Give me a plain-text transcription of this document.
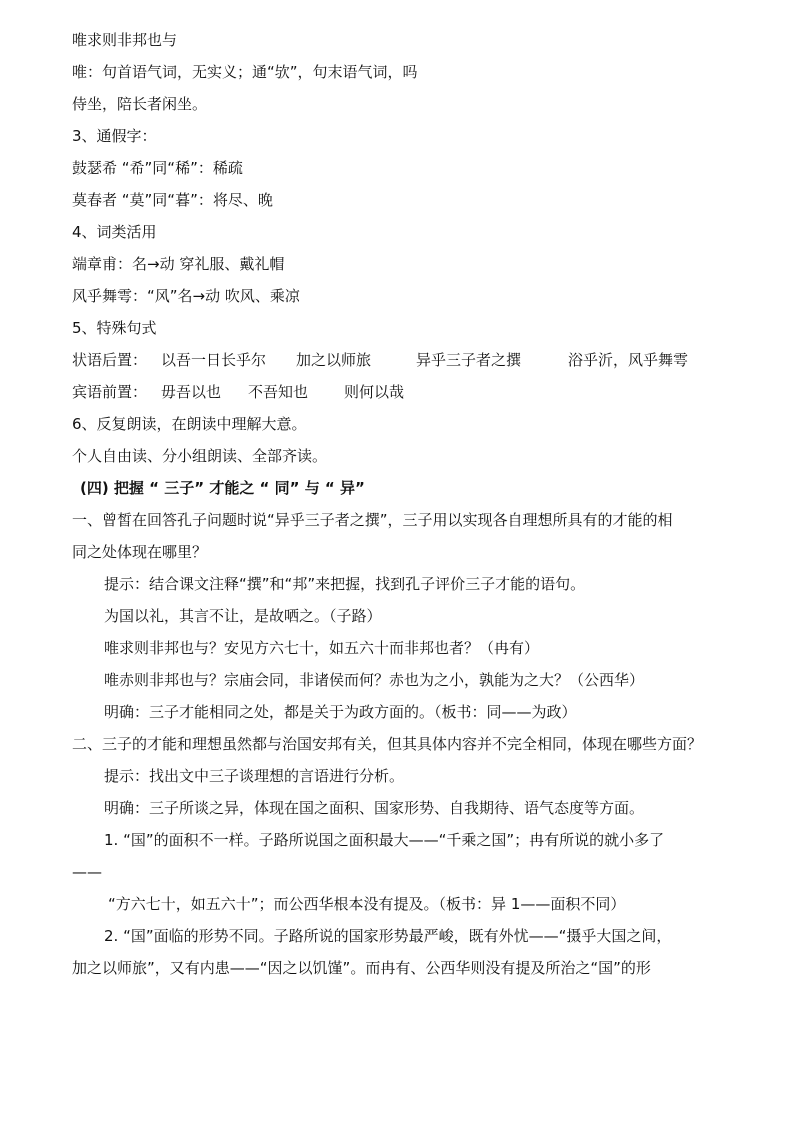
唯求则非邦也与
唯：句首语气词，无实义；通“欤”，句末语气词，吗
侍坐，陪长者闲坐。
3、通假字：
鼓瑟希 “希”同“稀”：稀疏
莫春者 “莫”同“暮”：将尽、晚
4、词类活用
端章甫：名→动 穿礼服、戴礼帽
风乎舞雩：“风”名→动 吹风、乘凉
5、特殊句式
状语后置： 以吾一日长乎尔 加之以师旅	异乎三子者之撰	浴乎沂，风乎舞雩
宾语前置： 毋吾以也 不吾知也 则何以哉
6、反复朗读，在朗读中理解大意。
个人自由读、分小组朗读、全部齐读。
(四) 把握 “ 三子” 才能之 “ 同” 与 “ 异”
一、曾皙在回答孔子问题时说“异乎三子者之撰”，三子用以实现各自理想所具有的才能的相
同之处体现在哪里？
提示：结合课文注释“撰”和“邦”来把握，找到孔子评价三子才能的语句。
为国以礼，其言不让，是故哂之。（子路）
唯求则非邦也与？安见方六七十，如五六十而非邦也者？（冉有）
唯赤则非邦也与？宗庙会同，非诸侯而何？赤也为之小，孰能为之大？（公西华）
明确：三子才能相同之处，都是关于为政方面的。（板书：同——为政）
二、三子的才能和理想虽然都与治国安邦有关，但其具体内容并不完全相同，体现在哪些方面？
提示：找出文中三子谈理想的言语进行分析。
明确：三子所谈之异，体现在国之面积、国家形势、自我期待、语气态度等方面。
1. “国”的面积不一样。子路所说国之面积最大——“千乘之国”；冉有所说的就小多了
——
“方六七十，如五六十”；而公西华根本没有提及。（板书：异 1——面积不同）
2. “国”面临的形势不同。子路所说的国家形势最严峻，既有外忧——“摄乎大国之间，
加之以师旅”，又有内患——“因之以饥馑”。而冉有、公西华则没有提及所治之“国”的形
